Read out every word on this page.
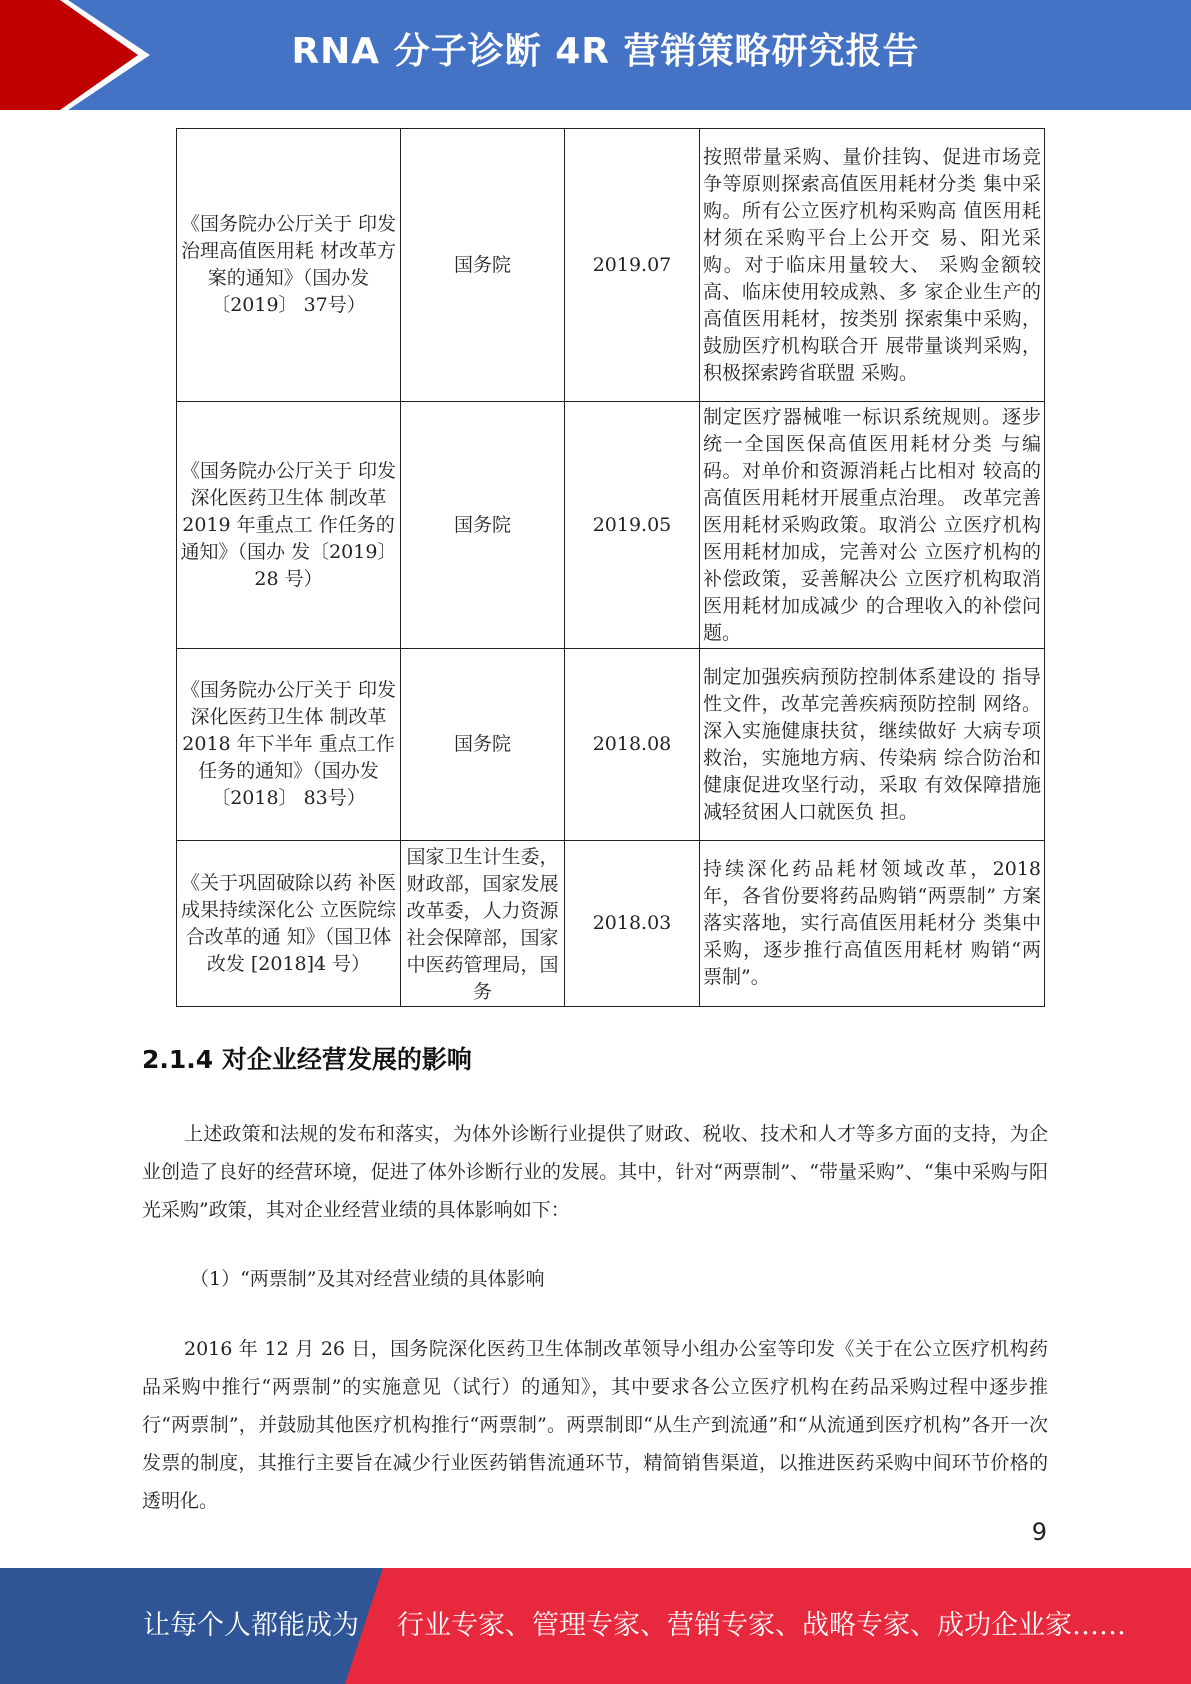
RNA 分子诊断 4R 营销策略研究报告
《国务院办公厅关于 印发治理高值医用耗 材改革方案的通知》（国办发〔2019〕 37号）	国务院	2019.07	按照带量采购、量价挂钩、促进市场竞争等原则探索高值医用耗材分类 集中采购。所有公立医疗机构采购高 值医用耗材须在采购平台上公开交 易、阳光采购。对于临床用量较大、 采购金额较高、临床使用较成熟、多 家企业生产的高值医用耗材，按类别 探索集中采购，鼓励医疗机构联合开 展带量谈判采购，积极探索跨省联盟 采购。
《国务院办公厅关于 印发深化医药卫生体 制改革 2019 年重点工 作任务的通知》（国办 发〔2019〕 28 号）	国务院	2019.05	制定医疗器械唯一标识系统规则。逐步统一全国医保高值医用耗材分类 与编码。对单价和资源消耗占比相对 较高的高值医用耗材开展重点治理。 改革完善医用耗材采购政策。取消公 立医疗机构医用耗材加成，完善对公 立医疗机构的补偿政策，妥善解决公 立医疗机构取消医用耗材加成减少 的合理收入的补偿问题。
《国务院办公厅关于 印发深化医药卫生体 制改革 2018 年下半年 重点工作任务的通知》（国办发〔2018〕 83号）	国务院	2018.08	制定加强疾病预防控制体系建设的 指导性文件，改革完善疾病预防控制 网络。深入实施健康扶贫，继续做好 大病专项救治，实施地方病、传染病 综合防治和健康促进攻坚行动，采取 有效保障措施减轻贫困人口就医负 担。
《关于巩固破除以药 补医成果持续深化公 立医院综合改革的通 知》（国卫体改发 [2018]4 号）	国家卫生计生委，财政部，国家发展改革委，人力资源社会保障部，国家中医药管理局，国务	2018.03	持续深化药品耗材领域改革，2018 年，各省份要将药品购销“两票制” 方案落实落地，实行高值医用耗材分 类集中采购，逐步推行高值医用耗材 购销“两票制”。
2.1.4 对企业经营发展的影响

上述政策和法规的发布和落实，为体外诊断行业提供了财政、税收、技术和人才等多方面的支持，为企业创造了良好的经营环境，促进了体外诊断行业的发展。其中，针对“两票制”、“带量采购”、“集中采购与阳光采购”政策，其对企业经营业绩的具体影响如下：

（1）“两票制”及其对经营业绩的具体影响

2016 年 12 月 26 日，国务院深化医药卫生体制改革领导小组办公室等印发《关于在公立医疗机构药品采购中推行“两票制”的实施意见（试行）的通知》，其中要求各公立医疗机构在药品采购过程中逐步推行“两票制”，并鼓励其他医疗机构推行“两票制”。两票制即“从生产到流通”和“从流通到医疗机构”各开一次发票的制度，其推行主要旨在减少行业医药销售流通环节，精简销售渠道，以推进医药采购中间环节价格的透明化。

9
让每个人都能成为 行业专家、管理专家、营销专家、战略专家、成功企业家……
